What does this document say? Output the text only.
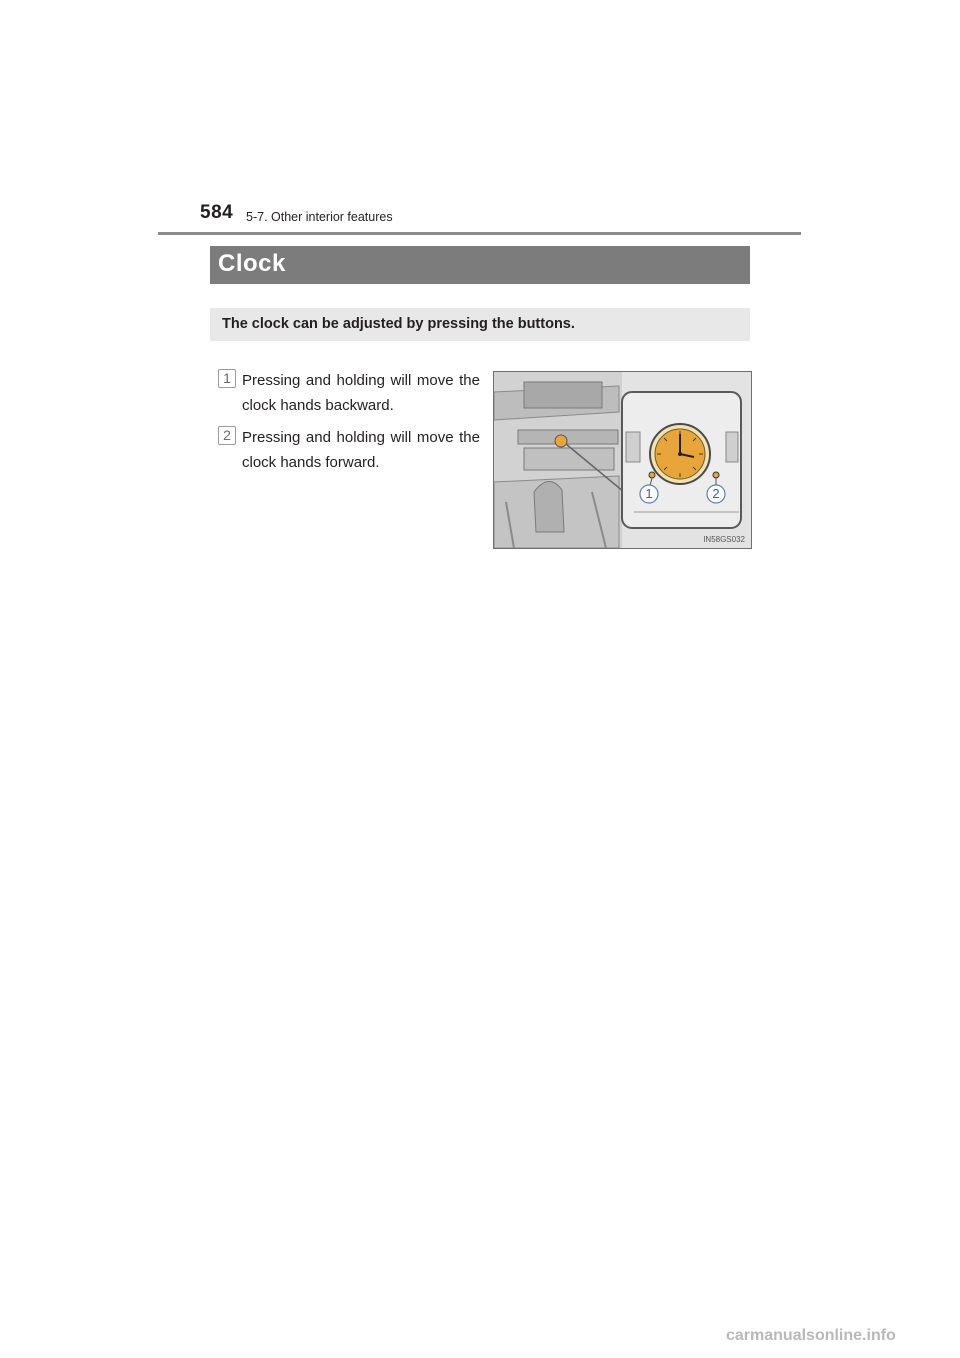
584 5-7. Other interior features
Clock
The clock can be adjusted by pressing the buttons.
1 Pressing and holding will move the clock hands backward.
2 Pressing and holding will move the clock hands forward.
1	2
IN58GS032
carmanualsonline.info
